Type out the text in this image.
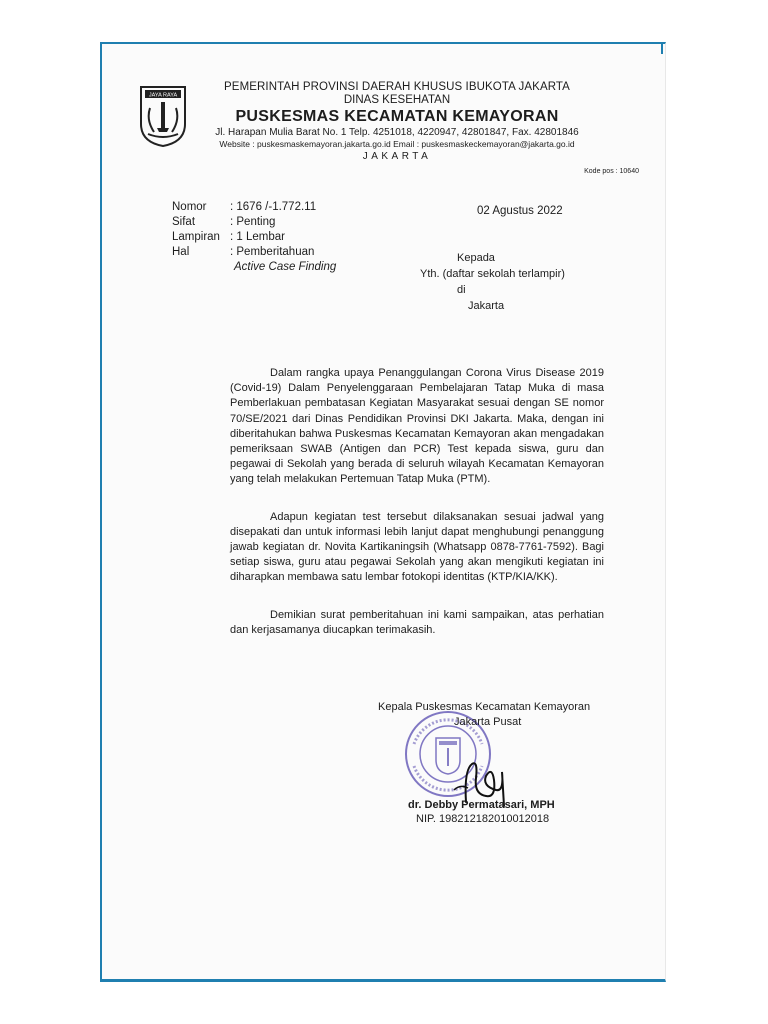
JAYA RAYA
PEMERINTAH PROVINSI DAERAH KHUSUS IBUKOTA JAKARTA
DINAS KESEHATAN
PUSKESMAS KECAMATAN KEMAYORAN
Jl. Harapan Mulia Barat No. 1 Telp. 4251018, 4220947, 42801847, Fax. 42801846
Website : puskesmaskemayoran.jakarta.go.id Email : puskesmaskeckemayoran@jakarta.go.id
JAKARTA
Kode pos : 10640
Nomor	: 1676 /-1.772.11
Sifat	: Penting
Lampiran : 1 Lembar
Hal	: Pemberitahuan
Active Case Finding
02 Agustus 2022
Kepada
Yth. (daftar sekolah terlampir)
di
Jakarta

Dalam rangka upaya Penanggulangan Corona Virus Disease 2019 (Covid-19) Dalam Penyelenggaraan Pembelajaran Tatap Muka di masa Pemberlakuan pembatasan Kegiatan Masyarakat sesuai dengan SE nomor 70/SE/2021 dari Dinas Pendidikan Provinsi DKI Jakarta. Maka, dengan ini diberitahukan bahwa Puskesmas Kecamatan Kemayoran akan mengadakan pemeriksaan SWAB (Antigen dan PCR) Test kepada siswa, guru dan pegawai di Sekolah yang berada di seluruh wilayah Kecamatan Kemayoran yang telah melakukan Pertemuan Tatap Muka (PTM).

Adapun kegiatan test tersebut dilaksanakan sesuai jadwal yang disepakati dan untuk informasi lebih lanjut dapat menghubungi penanggung jawab kegiatan dr. Novita Kartikaningsih (Whatsapp 0878-7761-7592). Bagi setiap siswa, guru atau pegawai Sekolah yang akan mengikuti kegiatan ini diharapkan membawa satu lembar fotokopi identitas (KTP/KIA/KK).

Demikian surat pemberitahuan ini kami sampaikan, atas perhatian dan kerjasamanya diucapkan terimakasih.

Kepala Puskesmas Kecamatan Kemayoran
Jakarta Pusat
dr. Debby Permatasari, MPH
NIP. 198212182010012018
